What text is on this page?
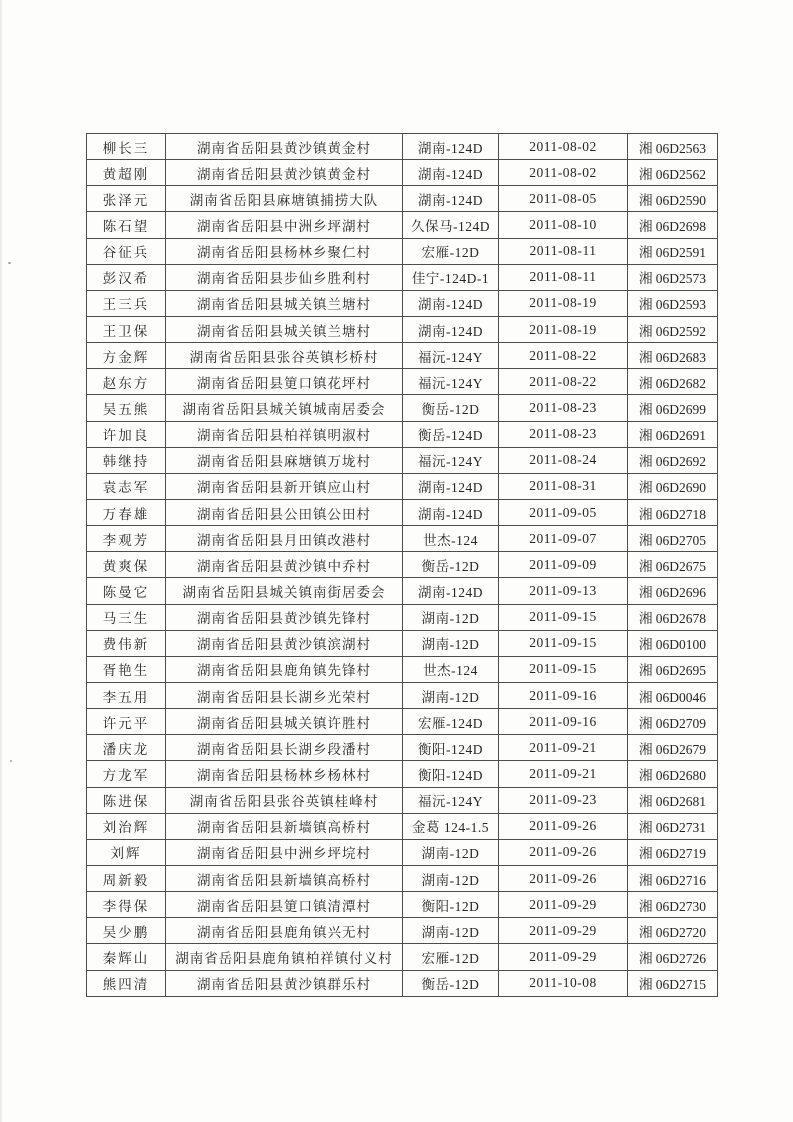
柳长三	湖南省岳阳县黄沙镇黄金村	湖南-124D	2011-08-02	湘 06D2563
黄超刚	湖南省岳阳县黄沙镇黄金村	湖南-124D	2011-08-02	湘 06D2562
张泽元	湖南省岳阳县麻塘镇捕捞大队	湖南-124D	2011-08-05	湘 06D2590
陈石望	湖南省岳阳县中洲乡坪湖村	久保马-124D	2011-08-10	湘 06D2698
谷征兵	湖南省岳阳县杨林乡聚仁村	宏雁-12D	2011-08-11	湘 06D2591
彭汉希	湖南省岳阳县步仙乡胜利村	佳宁-124D-1	2011-08-11	湘 06D2573
王三兵	湖南省岳阳县城关镇兰塘村	湖南-124D	2011-08-19	湘 06D2593
王卫保	湖南省岳阳县城关镇兰塘村	湖南-124D	2011-08-19	湘 06D2592
方金辉	湖南省岳阳县张谷英镇杉桥村	福沅-124Y	2011-08-22	湘 06D2683
赵东方	湖南省岳阳县筻口镇花坪村	福沅-124Y	2011-08-22	湘 06D2682
吴五熊	湖南省岳阳县城关镇城南居委会	衡岳-12D	2011-08-23	湘 06D2699
许加良	湖南省岳阳县柏祥镇明淑村	衡岳-124D	2011-08-23	湘 06D2691
韩继持	湖南省岳阳县麻塘镇万垅村	福沅-124Y	2011-08-24	湘 06D2692
袁志军	湖南省岳阳县新开镇应山村	湖南-124D	2011-08-31	湘 06D2690
万春雄	湖南省岳阳县公田镇公田村	湖南-124D	2011-09-05	湘 06D2718
李观芳	湖南省岳阳县月田镇改港村	世杰-124	2011-09-07	湘 06D2705
黄爽保	湖南省岳阳县黄沙镇中乔村	衡岳-12D	2011-09-09	湘 06D2675
陈曼它	湖南省岳阳县城关镇南街居委会	湖南-124D	2011-09-13	湘 06D2696
马三生	湖南省岳阳县黄沙镇先锋村	湖南-12D	2011-09-15	湘 06D2678
费伟新	湖南省岳阳县黄沙镇滨湖村	湖南-12D	2011-09-15	湘 06D0100
胥艳生	湖南省岳阳县鹿角镇先锋村	世杰-124	2011-09-15	湘 06D2695
李五用	湖南省岳阳县长湖乡光荣村	湖南-12D	2011-09-16	湘 06D0046
许元平	湖南省岳阳县城关镇许胜村	宏雁-124D	2011-09-16	湘 06D2709
潘庆龙	湖南省岳阳县长湖乡段潘村	衡阳-124D	2011-09-21	湘 06D2679
方龙军	湖南省岳阳县杨林乡杨林村	衡阳-124D	2011-09-21	湘 06D2680
陈进保	湖南省岳阳县张谷英镇桂峰村	福沅-124Y	2011-09-23	湘 06D2681
刘治辉	湖南省岳阳县新墙镇高桥村	金葛 124-1.5	2011-09-26	湘 06D2731
刘辉	湖南省岳阳县中洲乡坪垸村	湖南-12D	2011-09-26	湘 06D2719
周新毅	湖南省岳阳县新墙镇高桥村	湖南-12D	2011-09-26	湘 06D2716
李得保	湖南省岳阳县筻口镇清潭村	衡阳-12D	2011-09-29	湘 06D2730
吴少鹏	湖南省岳阳县鹿角镇兴无村	湖南-12D	2011-09-29	湘 06D2720
秦辉山	湖南省岳阳县鹿角镇柏祥镇付义村	宏雁-12D	2011-09-29	湘 06D2726
熊四清	湖南省岳阳县黄沙镇群乐村	衡岳-12D	2011-10-08	湘 06D2715
